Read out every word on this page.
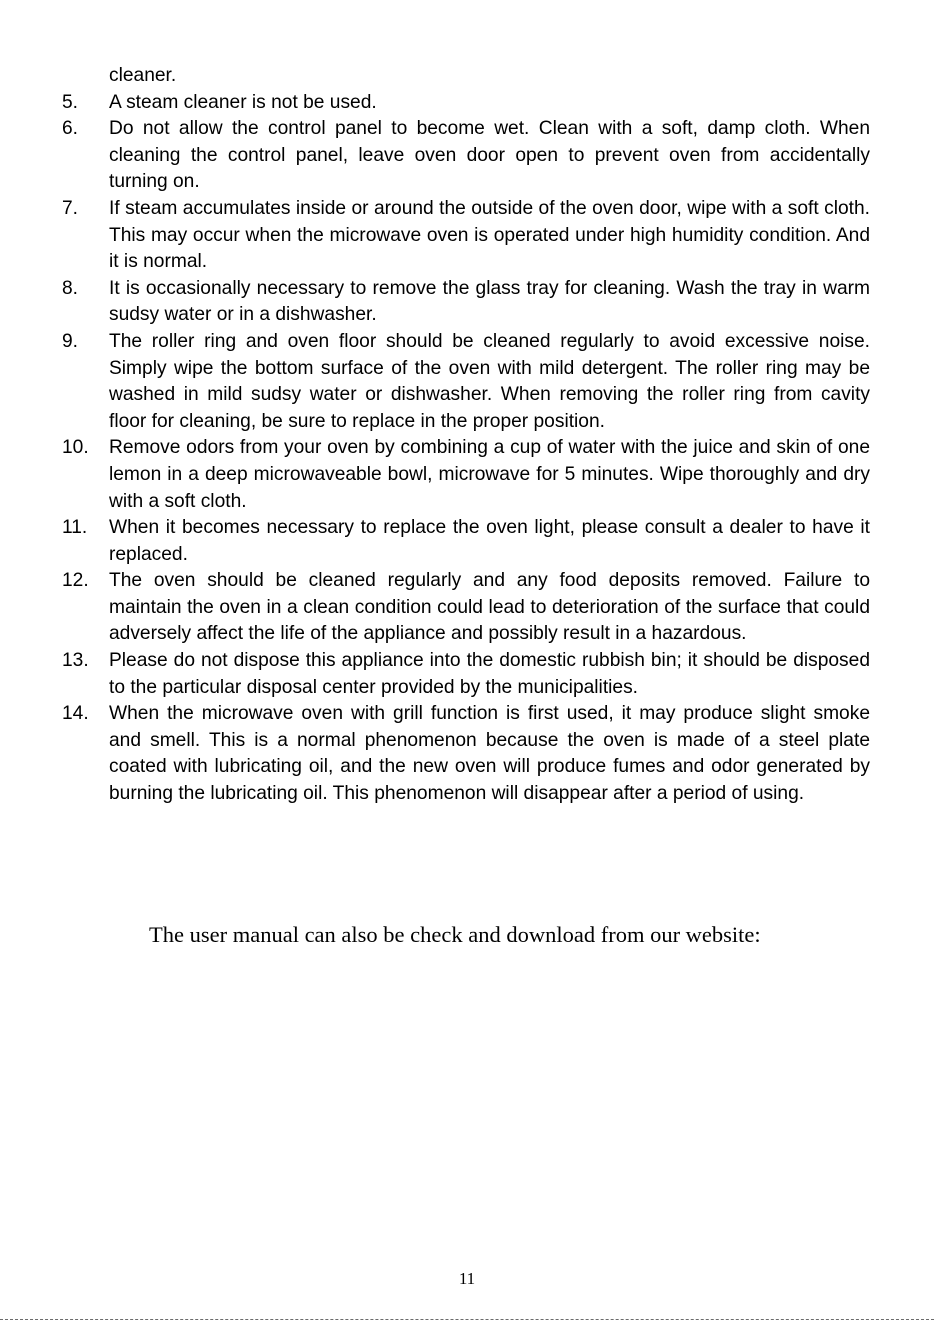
cleaner.
5.	A steam cleaner is not be used.
6.	Do not allow the control panel to become wet. Clean with a soft, damp cloth. When cleaning the control panel, leave oven door open to prevent oven from accidentally turning on.
7.	If steam accumulates inside or around the outside of the oven door, wipe with a soft cloth. This may occur when the microwave oven is operated under high humidity condition. And it is normal.
8.	It is occasionally necessary to remove the glass tray for cleaning. Wash the tray in warm sudsy water or in a dishwasher.
9.	The roller ring and oven floor should be cleaned regularly to avoid excessive noise. Simply wipe the bottom surface of the oven with mild detergent. The roller ring may be washed in mild sudsy water or dishwasher. When removing the roller ring from cavity floor for cleaning, be sure to replace in the proper position.
10.	Remove odors from your oven by combining a cup of water with the juice and skin of one lemon in a deep microwaveable bowl, microwave for 5 minutes. Wipe thoroughly and dry with a soft cloth.
11.	When it becomes necessary to replace the oven light, please consult a dealer to have it replaced.
12.	The oven should be cleaned regularly and any food deposits removed. Failure to maintain the oven in a clean condition could lead to deterioration of the surface that could adversely affect the life of the appliance and possibly result in a hazardous.
13.	Please do not dispose this appliance into the domestic rubbish bin; it should be disposed to the particular disposal center provided by the municipalities.
14.	When the microwave oven with grill function is first used, it may produce slight smoke and smell. This is a normal phenomenon because the oven is made of a steel plate coated with lubricating oil, and the new oven will produce fumes and odor generated by burning the lubricating oil. This phenomenon will disappear after a period of using.
The user manual can also be check and download from our website:
11
